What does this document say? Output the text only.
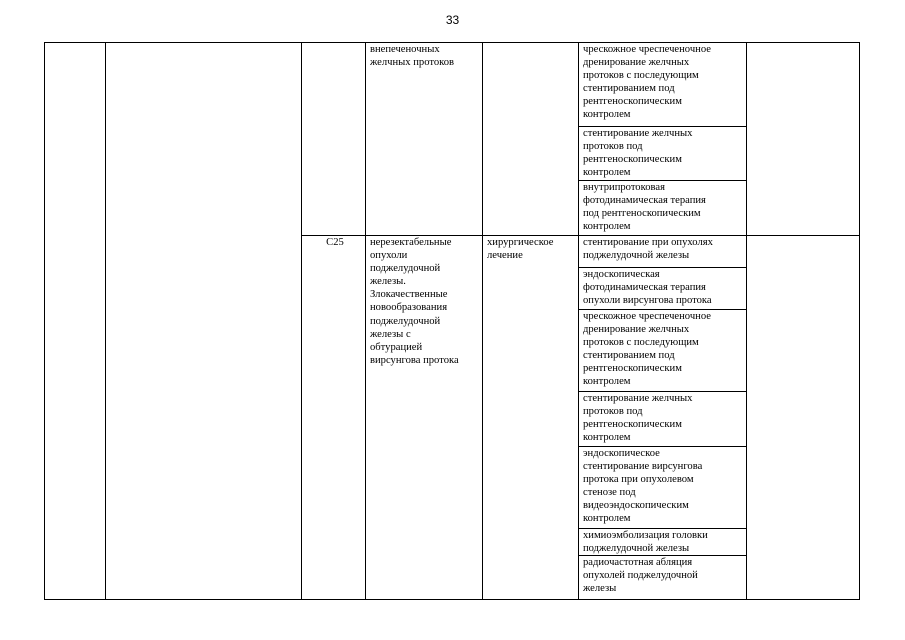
33
внепеченочных
желчных протоков
чрескожное чреспеченочное
дренирование желчных
протоков с последующим
стентированием под
рентгеноскопическим
контролем
стентирование желчных
протоков под
рентгеноскопическим
контролем
внутрипротоковая
фотодинамическая терапия
под рентгеноскопическим
контролем
C25	нерезектабельные
опухоли
поджелудочной
железы.
Злокачественные
новообразования
поджелудочной
железы с
обтурацией
вирсунгова протока
хирургическое
лечение
стентирование при опухолях
поджелудочной железы
эндоскопическая
фотодинамическая терапия
опухоли вирсунгова протока
чрескожное чреспеченочное
дренирование желчных
протоков с последующим
стентированием под
рентгеноскопическим
контролем
стентирование желчных
протоков под
рентгеноскопическим
контролем
эндоскопическое
стентирование вирсунгова
протока при опухолевом
стенозе под
видеоэндоскопическим
контролем
химиоэмболизация головки
поджелудочной железы
радиочастотная абляция
опухолей поджелудочной
железы
